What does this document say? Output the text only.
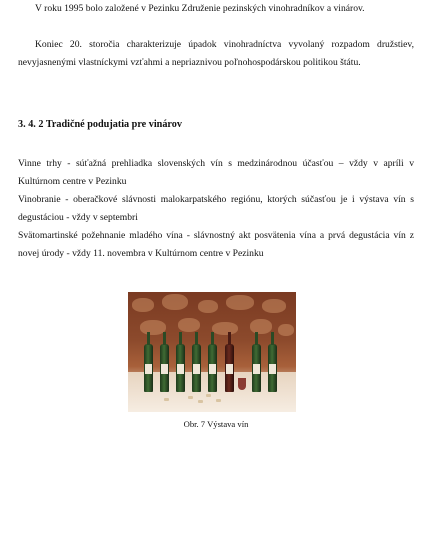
V roku 1995 bolo založené v Pezinku Združenie pezinských vinohradníkov a vinárov.

Koniec 20. storočia charakterizuje úpadok vinohradníctva vyvolaný rozpadom družstiev, nevyjasnenými vlastníckymi vzťahmi a nepriaznivou poľnohospodárskou politikou štátu.

3. 4. 2 Tradičné podujatia pre vinárov

Vinne trhy - súťažná prehliadka slovenských vín s medzinárodnou účasťou – vždy v apríli v Kultúrnom centre v Pezinku

Vinobranie - oberačkové slávnosti malokarpatského regiónu, ktorých súčasťou je i výstava vín s degustáciou - vždy v septembri

Svätomartinské požehnanie mladého vína - slávnostný akt posvätenia vína a prvá degustácia vín z novej úrody - vždy 11. novembra v Kultúrnom centre v Pezinku

Obr. 7 Výstava vín
